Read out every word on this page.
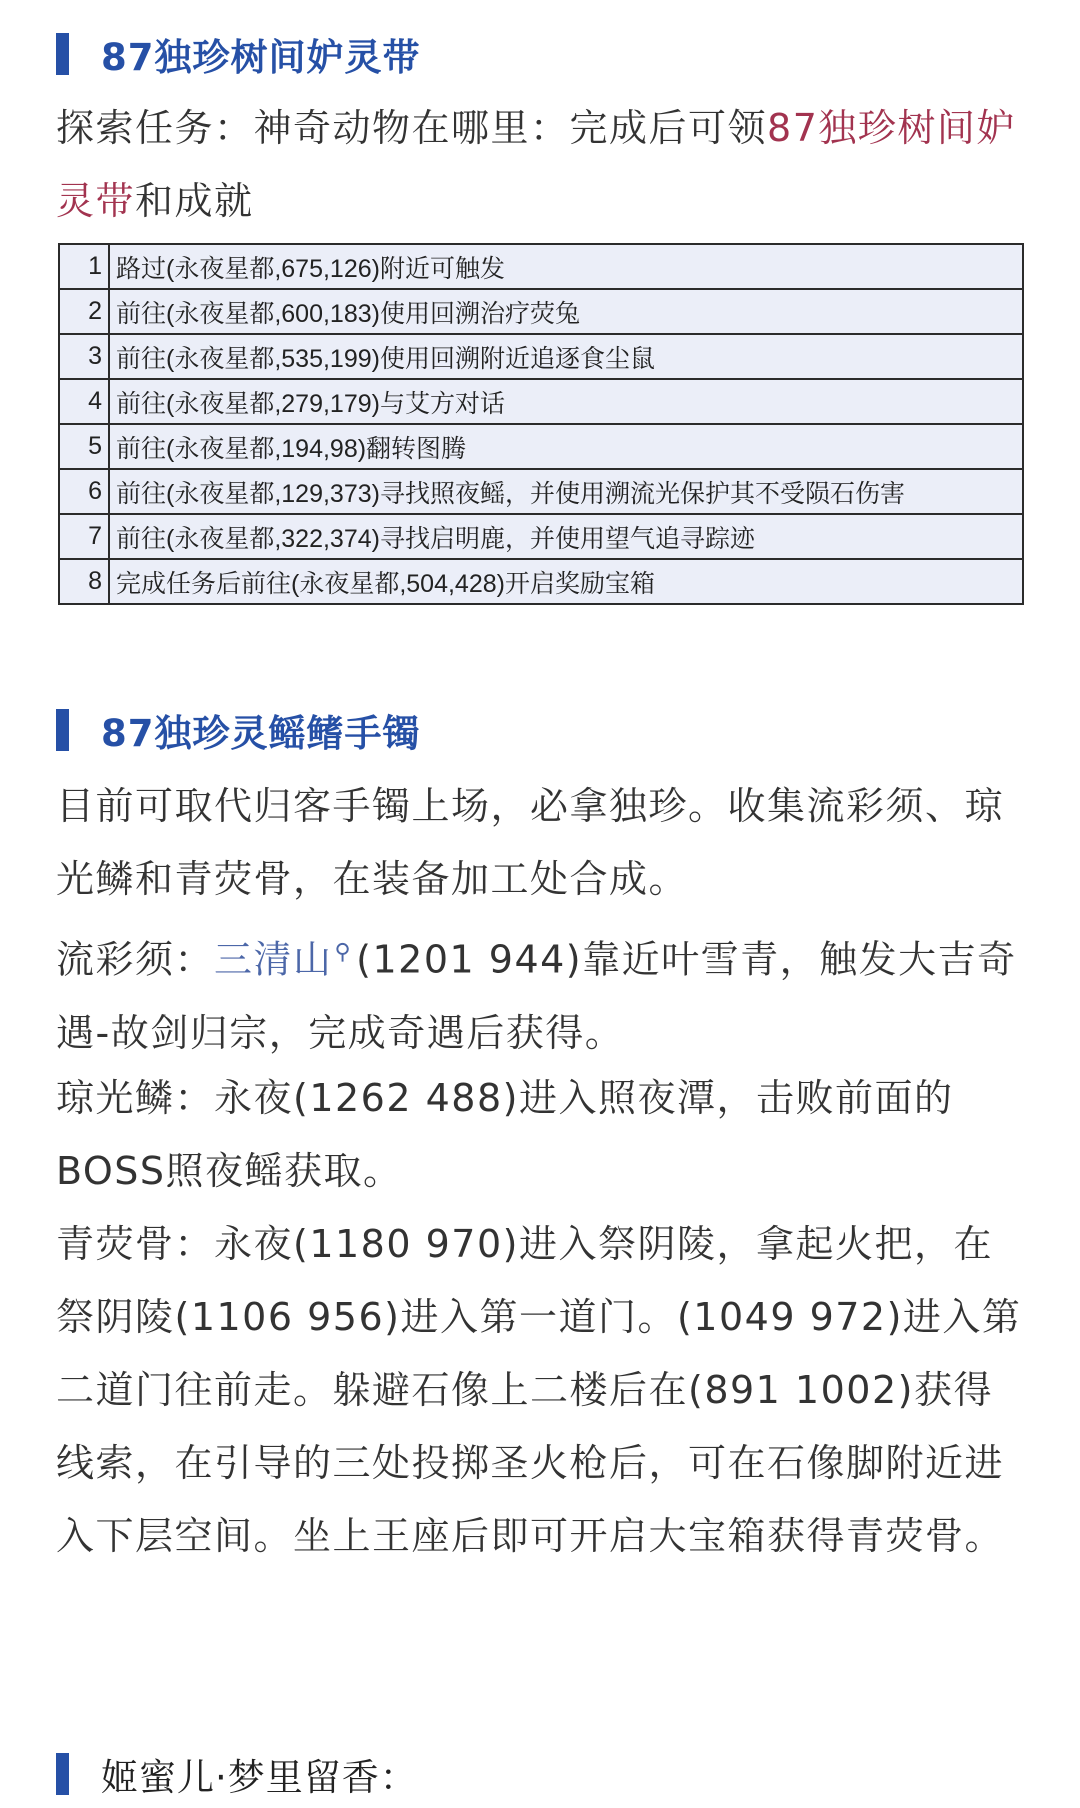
87独珍树间妒灵带
探索任务：神奇动物在哪里：完成后可领87独珍树间妒灵带和成就
1	路过(永夜星都,675,126)附近可触发
2	前往(永夜星都,600,183)使用回溯治疗荧兔
3	前往(永夜星都,535,199)使用回溯附近追逐食尘鼠
4	前往(永夜星都,279,179)与艾方对话
5	前往(永夜星都,194,98)翻转图腾
6	前往(永夜星都,129,373)寻找照夜鳐，并使用溯流光保护其不受陨石伤害
7	前往(永夜星都,322,374)寻找启明鹿，并使用望气追寻踪迹
8	完成任务后前往(永夜星都,504,428)开启奖励宝箱
87独珍灵鳐鳍手镯
目前可取代归客手镯上场，必拿独珍。收集流彩须、琼光鳞和青荧骨，在装备加工处合成。
流彩须：三清山⚲ (1201 944)靠近叶雪青，触发大吉奇遇-故剑归宗，完成奇遇后获得。
琼光鳞：永夜(1262 488)进入照夜潭，击败前面的BOSS照夜鳐获取。
青荧骨：永夜(1180 970)进入祭阴陵，拿起火把，在祭阴陵(1106 956)进入第一道门。(1049 972)进入第二道门往前走。躲避石像上二楼后在(891 1002)获得线索，在引导的三处投掷圣火枪后，可在石像脚附近进入下层空间。坐上王座后即可开启大宝箱获得青荧骨。
姬蜜儿·梦里留香：
